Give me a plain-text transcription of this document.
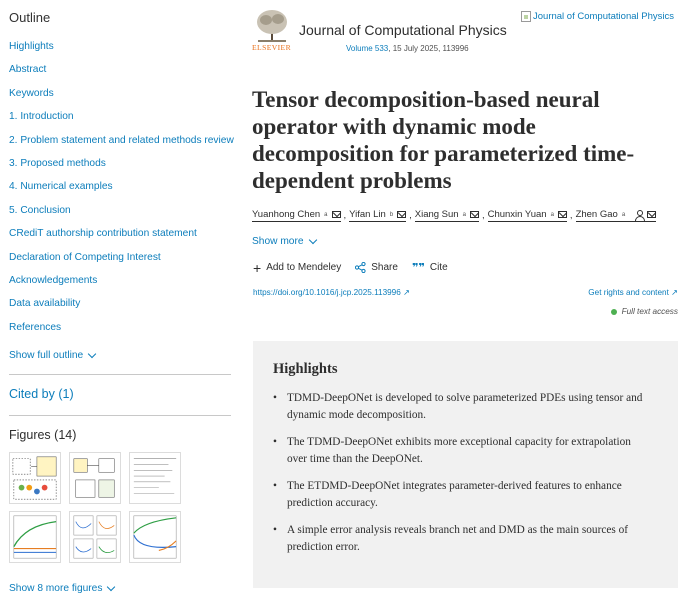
Outline
Highlights
Abstract
Keywords
1. Introduction
2. Problem statement and related methods review
3. Proposed methods
4. Numerical examples
5. Conclusion
CRediT authorship contribution statement
Declaration of Competing Interest
Acknowledgements
Data availability
References
Show full outline
Cited by (1)
Figures (14)
Show 8 more figures
ELSEVIER
Journal of Computational Physics
Volume 533, 15 July 2025, 113996
Journal of Computational Physics
Tensor decomposition-based neural operator with dynamic mode decomposition for parameterized time-dependent problems
Yuanhong Chen a , Yifan Lin b , Xiang Sun a , Chunxin Yuan a , Zhen Gao a
Show more
+ Add to Mendeley	Share ❞❞ Cite
https://doi.org/10.1016/j.jcp.2025.113996 ↗	Get rights and content ↗
Full text access
Highlights
• TDMD-DeepONet is developed to solve parameterized PDEs using tensor and dynamic mode decomposition.
• The TDMD-DeepONet exhibits more exceptional capacity for extrapolation over time than the DeepONet.
• The ETDMD-DeepONet integrates parameter-derived features to enhance prediction accuracy.
• A simple error analysis reveals branch net and DMD as the main sources of prediction error.
